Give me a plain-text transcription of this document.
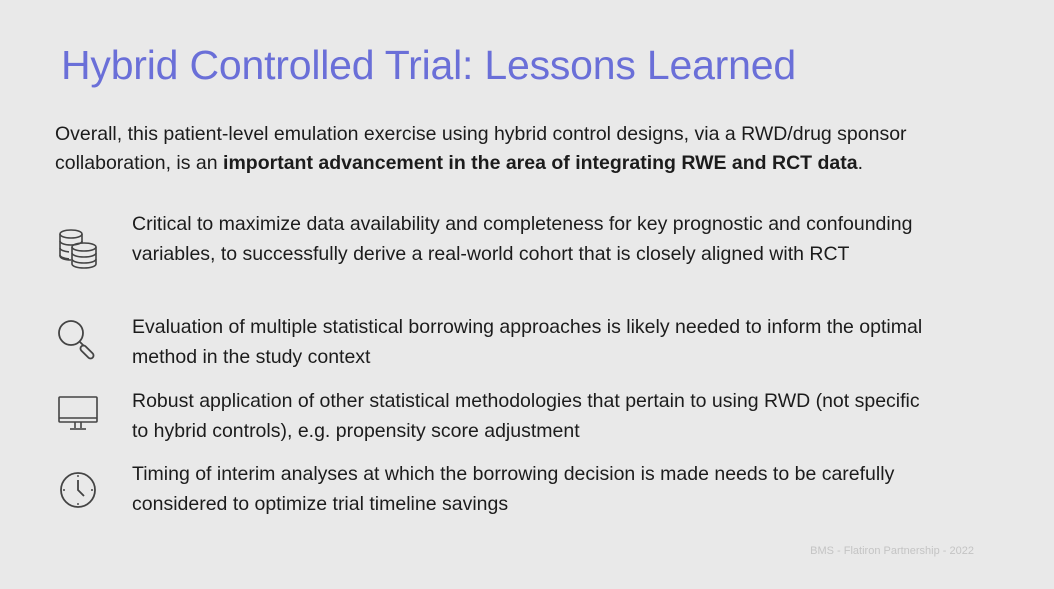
Hybrid Controlled Trial: Lessons Learned
Overall, this patient-level emulation exercise using hybrid control designs, via a RWD/drug sponsor collaboration, is an important advancement in the area of integrating RWE and RCT data.
Critical to maximize data availability and completeness for key prognostic and confounding variables, to successfully derive a real-world cohort that is closely aligned with RCT
Evaluation of multiple statistical borrowing approaches is likely needed to inform the optimal method in the study context
Robust application of other statistical methodologies that pertain to using RWD (not specific to hybrid controls), e.g. propensity score adjustment
Timing of interim analyses at which the borrowing decision is made needs to be carefully considered to optimize trial timeline savings
BMS - Flatiron Partnership - 2022
